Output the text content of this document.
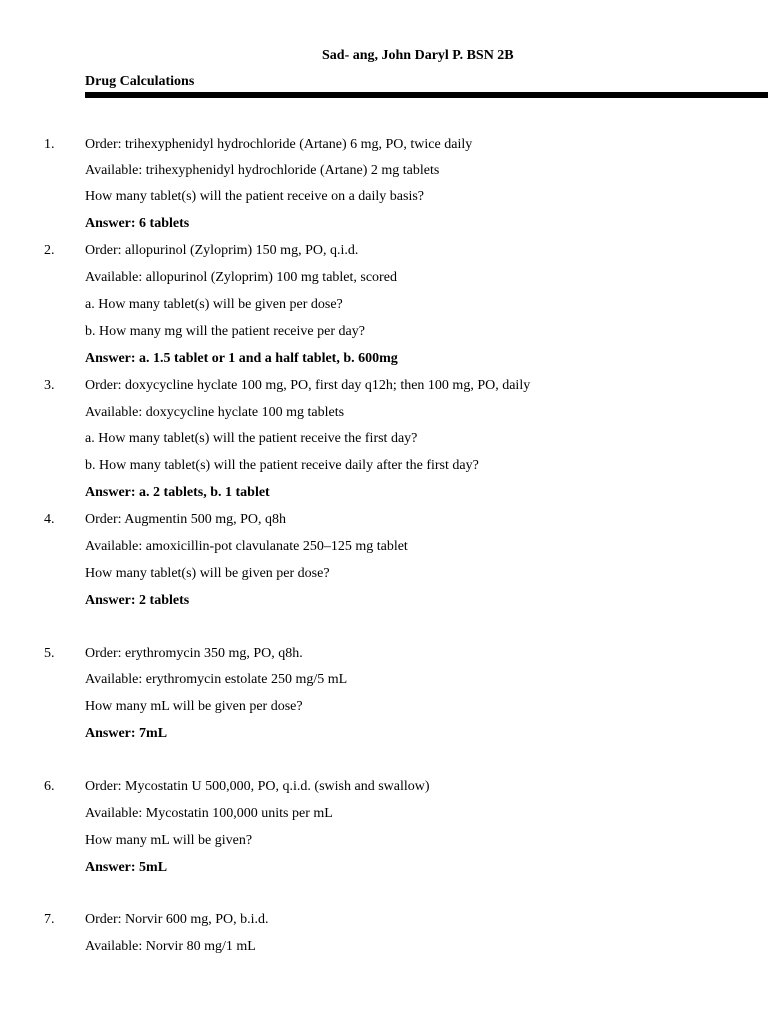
Sad- ang, John Daryl P. BSN 2B
Drug Calculations
1. Order: trihexyphenidyl hydrochloride (Artane) 6 mg, PO, twice daily
Available: trihexyphenidyl hydrochloride (Artane) 2 mg tablets
How many tablet(s) will the patient receive on a daily basis?
Answer: 6 tablets
2. Order: allopurinol (Zyloprim) 150 mg, PO, q.i.d.
Available: allopurinol (Zyloprim) 100 mg tablet, scored
a. How many tablet(s) will be given per dose?
b. How many mg will the patient receive per day?
Answer: a. 1.5 tablet or 1 and a half tablet, b. 600mg
3. Order: doxycycline hyclate 100 mg, PO, first day q12h; then 100 mg, PO, daily
Available: doxycycline hyclate 100 mg tablets
a. How many tablet(s) will the patient receive the first day?
b. How many tablet(s) will the patient receive daily after the first day?
Answer: a. 2 tablets, b. 1 tablet
4. Order: Augmentin 500 mg, PO, q8h
Available: amoxicillin-pot clavulanate 250–125 mg tablet
How many tablet(s) will be given per dose?
Answer: 2 tablets
5. Order: erythromycin 350 mg, PO, q8h.
Available: erythromycin estolate 250 mg/5 mL
How many mL will be given per dose?
Answer: 7mL
6. Order: Mycostatin U 500,000, PO, q.i.d. (swish and swallow)
Available: Mycostatin 100,000 units per mL
How many mL will be given?
Answer: 5mL
7. Order: Norvir 600 mg, PO, b.i.d.
Available: Norvir 80 mg/1 mL
